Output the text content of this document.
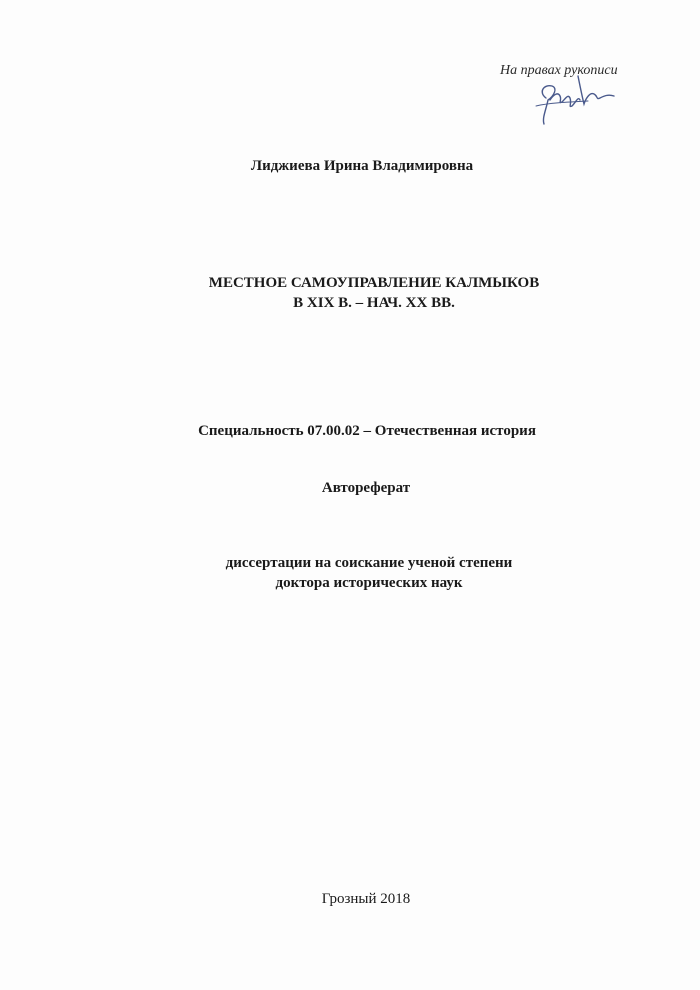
На правах рукописи
Лиджиева Ирина Владимировна
МЕСТНОЕ САМОУПРАВЛЕНИЕ КАЛМЫКОВ
В XIX В. – НАЧ. XX ВВ.
Специальность 07.00.02 – Отечественная история
Автореферат
диссертации на соискание ученой степени
доктора исторических наук
Грозный 2018
